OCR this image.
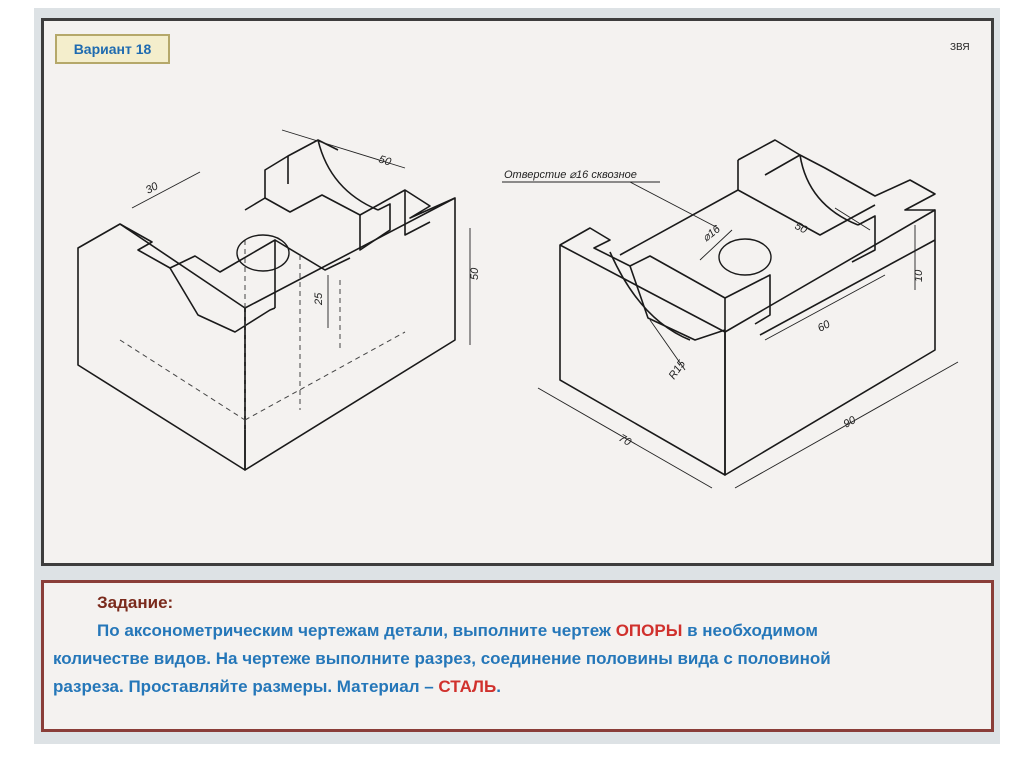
Вариант 18	ЗВЯ
30
50
25
50
Отверстие ⌀16 сквозное
⌀16	50
10
60
R15
70
90
Задание:
По аксонометрическим чертежам детали, выполните чертеж ОПОРЫ в необходимом
количестве видов. На чертеже выполните разрез, соединение половины вида с половиной
разреза. Проставляйте размеры. Материал – СТАЛЬ.
